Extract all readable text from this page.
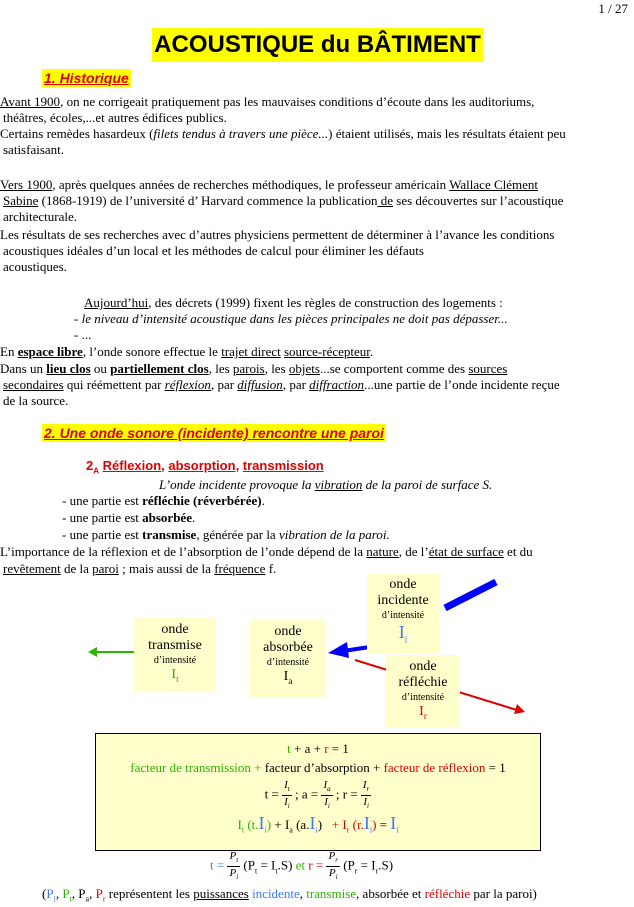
1 / 27
ACOUSTIQUE du BÂTIMENT
1. Historique
Avant 1900, on ne corrigeait pratiquement pas les mauvaises conditions d’écoute dans les auditoriums,
théâtres, écoles,...et autres édifices publics.
Certains remèdes hasardeux (filets tendus à travers une pièce...) étaient utilisés, mais les résultats étaient peu
satisfaisant.
Vers 1900, après quelques années de recherches méthodiques, le professeur américain Wallace Clément
Sabine (1868-1919) de l’université d’ Harvard commence la publication de ses découvertes sur l’acoustique
architecturale.
Les résultats de ses recherches avec d’autres physiciens permettent de déterminer à l’avance les conditions
acoustiques idéales d’un local et les méthodes de calcul pour éliminer les défauts
acoustiques.
Aujourd’hui, des décrets (1999) fixent les règles de construction des logements :
- le niveau d’intensité acoustique dans les pièces principales ne doit pas dépasser...
- ...
En espace libre, l’onde sonore effectue le trajet direct source-récepteur.
Dans un lieu clos ou partiellement clos, les parois, les objets...se comportent comme des sources
secondaires qui réémettent par réflexion, par diffusion, par diffraction...une partie de l’onde incidente reçue
de la source.
2. Une onde sonore (incidente) rencontre une paroi
$2_A$ Réflexion, absorption, transmission
L’onde incidente provoque la vibration de la paroi de surface S.
- une partie est réfléchie (réverbérée).
- une partie est absorbée.
- une partie est transmise, générée par la vibration de la paroi.
L’importance de la réflexion et de l’absorption de l’onde dépend de la nature, de l’état de surface et du
revêtement de la paroi ; mais aussi de la fréquence f.
onde
incidente
d’intensité
$I_i$
onde
transmise
d’intensité
$I_t$
onde
absorbée
d’intensité
$I_a$
onde
réfléchie
d’intensité
$I_r$
t + a + r = 1
facteur de transmission + facteur d’absorption + facteur de réflexion = 1
$t = \frac{I_t}{I_i}$ ; $a = \frac{I_a}{I_i}$ ; $r = \frac{I_r}{I_i}$
$I_t$ $(t.I_i) + I_a$ $(a.I_i) + I_r$ $(r.I_i) = I_i$
$t = \frac{P_t}{P_i} (P_t = I_t.S)$ et $r = \frac{P_r}{P_i} (P_r = I_r.S)$
($P_i$, $P_t$, $P_a$, $P_r$ représentent les puissances incidente, transmise, absorbée et réfléchie par la paroi)
